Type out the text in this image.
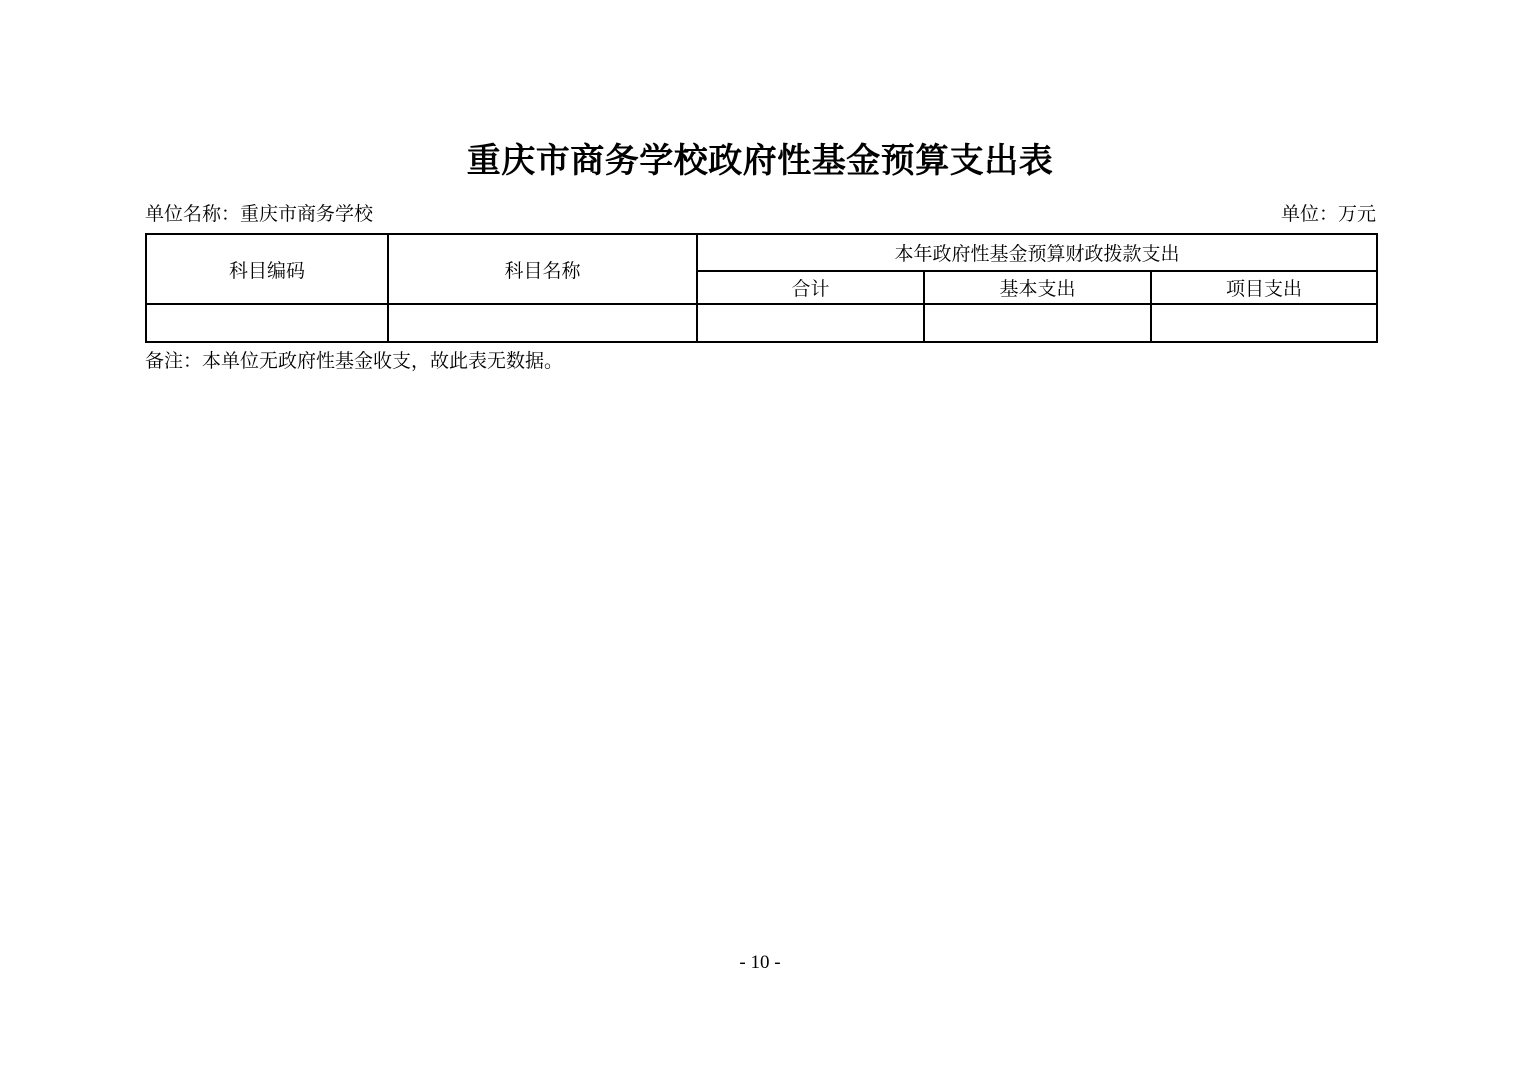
重庆市商务学校政府性基金预算支出表
单位名称：重庆市商务学校	单位：万元
科目编码	科目名称	本年政府性基金预算财政拨款支出		
		合计	基本支出	项目支出

备注：本单位无政府性基金收支，故此表无数据。
- 10 -
